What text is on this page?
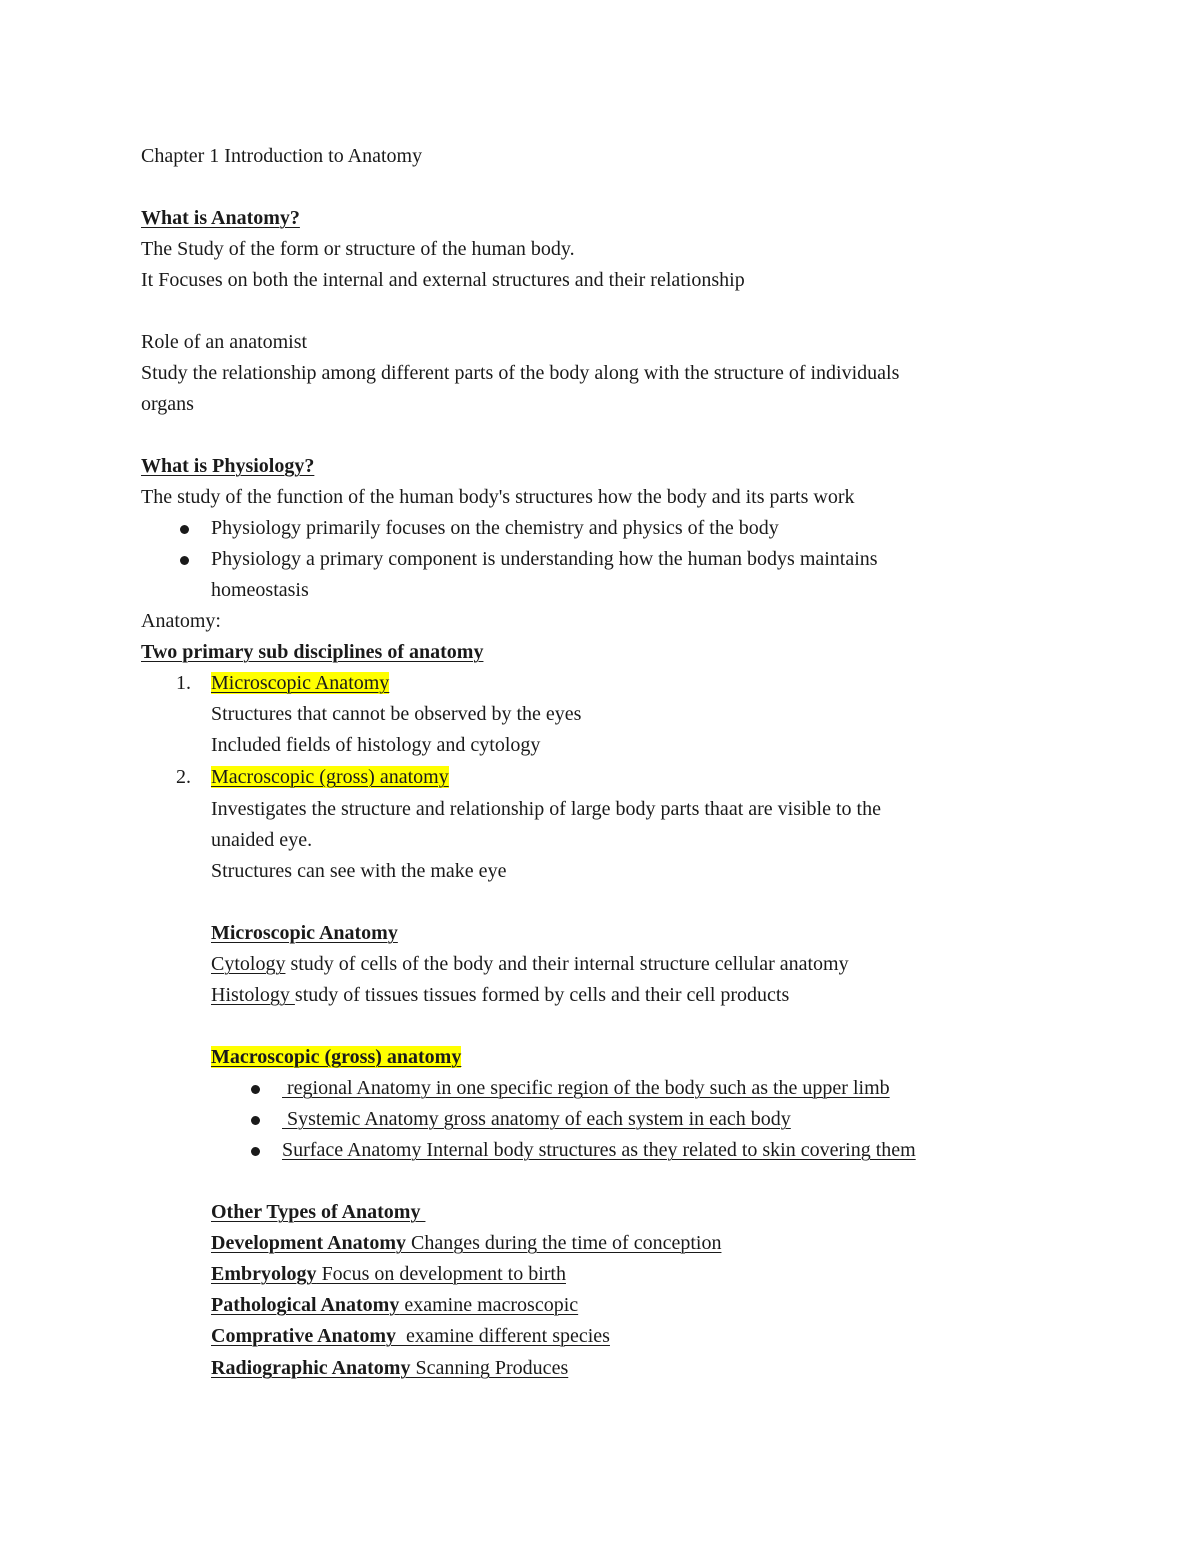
Chapter 1 Introduction to Anatomy

What is Anatomy?

The Study of the form or structure of the human body.

It Focuses on both the internal and external structures and their relationship

Role of an anatomist

Study the relationship among different parts of the body along with the structure of individuals

organs

What is Physiology?

The study of the function of the human body's structures how the body and its parts work

Physiology primarily focuses on the chemistry and physics of the body

Physiology a primary component is understanding how the human bodys maintains

homeostasis

Anatomy:

Two primary sub disciplines of anatomy

1. Microscopic Anatomy

Structures that cannot be observed by the eyes

Included fields of histology and cytology

2. Macroscopic (gross) anatomy

Investigates the structure and relationship of large body parts thaat are visible to the

unaided eye.

Structures can see with the make eye

Microscopic Anatomy

Cytology study of cells of the body and their internal structure cellular anatomy

Histology study of tissues tissues formed by cells and their cell products

Macroscopic (gross) anatomy

regional Anatomy in one specific region of the body such as the upper limb

Systemic Anatomy gross anatomy of each system in each body

Surface Anatomy Internal body structures as they related to skin covering them

Other Types of Anatomy

Development Anatomy Changes during the time of conception

Embryology Focus on development to birth

Pathological Anatomy examine macroscopic

Comprative Anatomy  examine different species

Radiographic Anatomy Scanning Produces
